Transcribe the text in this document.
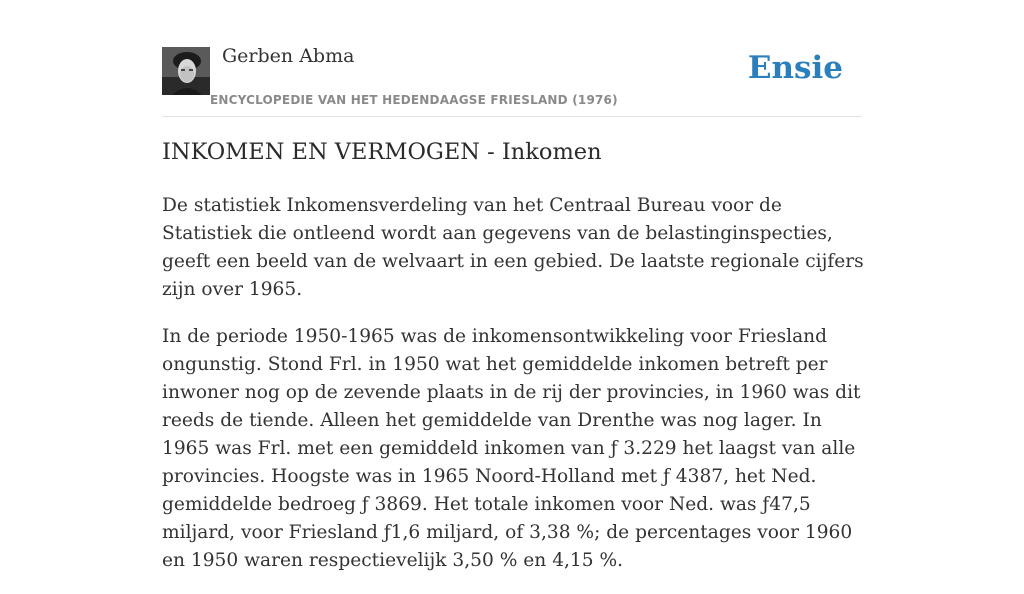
Gerben Abma
ENCYCLOPEDIE VAN HET HEDENDAAGSE FRIESLAND (1976)
Ensie
INKOMEN EN VERMOGEN - Inkomen

De statistiek Inkomensverdeling van het Centraal Bureau voor de Statistiek die ontleend wordt aan gegevens van de belastinginspecties, geeft een beeld van de welvaart in een gebied. De laatste regionale cijfers zijn over 1965.

In de periode 1950-1965 was de inkomensontwikkeling voor Friesland ongunstig. Stond Frl. in 1950 wat het gemiddelde inkomen betreft per inwoner nog op de zevende plaats in de rij der provincies, in 1960 was dit reeds de tiende. Alleen het gemiddelde van Drenthe was nog lager. In 1965 was Frl. met een gemiddeld inkomen van ƒ 3.229 het laagst van alle provincies. Hoogste was in 1965 Noord-Holland met ƒ 4387, het Ned. gemiddelde bedroeg ƒ 3869. Het totale inkomen voor Ned. was ƒ47,5 miljard, voor Friesland ƒ1,6 miljard, of 3,38 %; de percentages voor 1960 en 1950 waren respectievelijk 3,50 % en 4,15 %.
